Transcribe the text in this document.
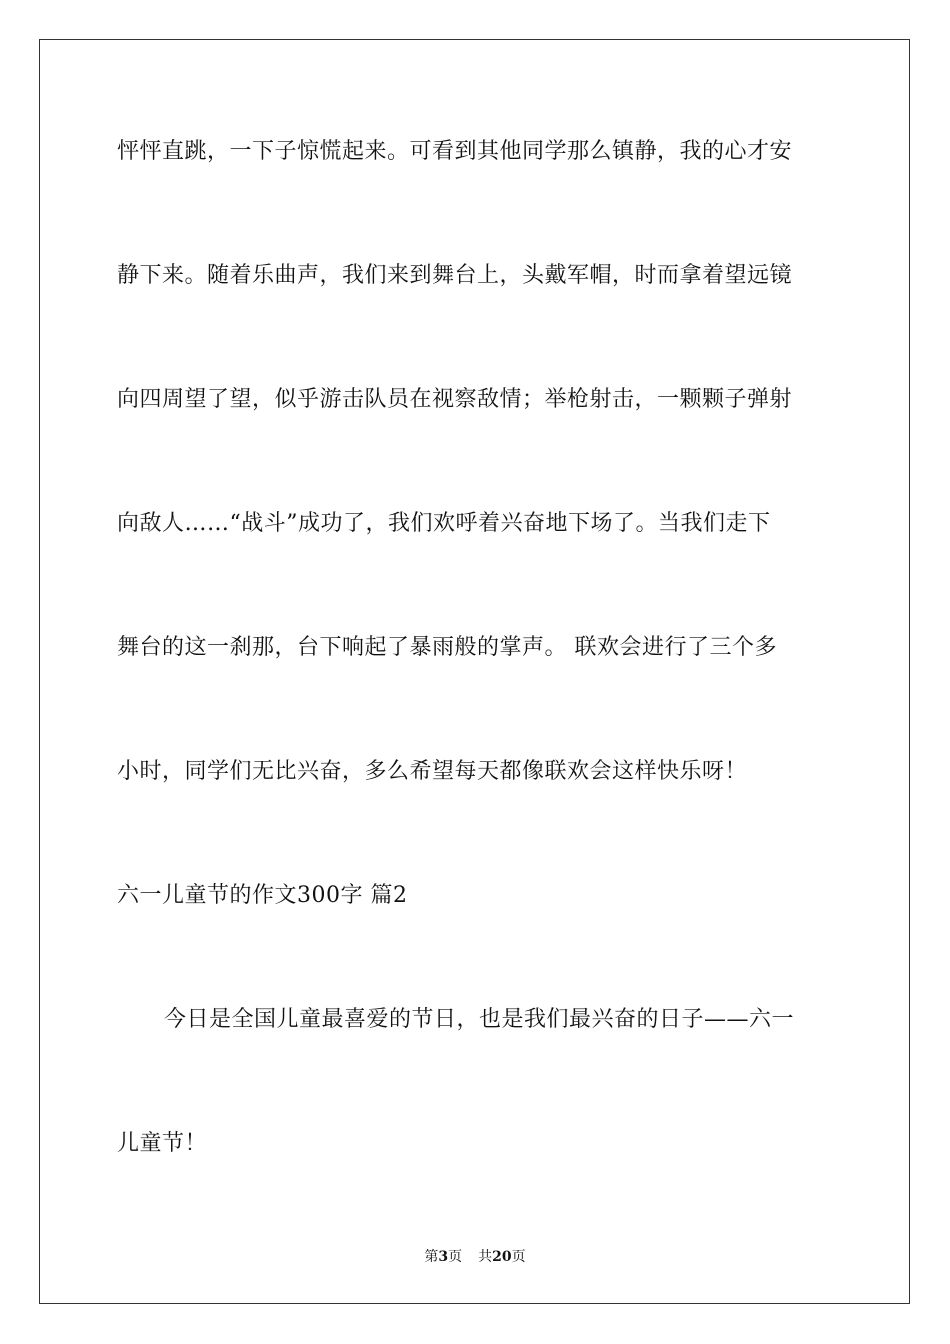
怦怦直跳，一下子惊慌起来。可看到其他同学那么镇静，我的心才安
静下来。随着乐曲声，我们来到舞台上，头戴军帽，时而拿着望远镜
向四周望了望，似乎游击队员在视察敌情；举枪射击，一颗颗子弹射
向敌人……“战斗”成功了，我们欢呼着兴奋地下场了。当我们走下
舞台的这一刹那，台下响起了暴雨般的掌声。 联欢会进行了三个多
小时，同学们无比兴奋，多么希望每天都像联欢会这样快乐呀！
六一儿童节的作文300字 篇2
今日是全国儿童最喜爱的节日，也是我们最兴奋的日子——六一
儿童节！
第3页 共20页
